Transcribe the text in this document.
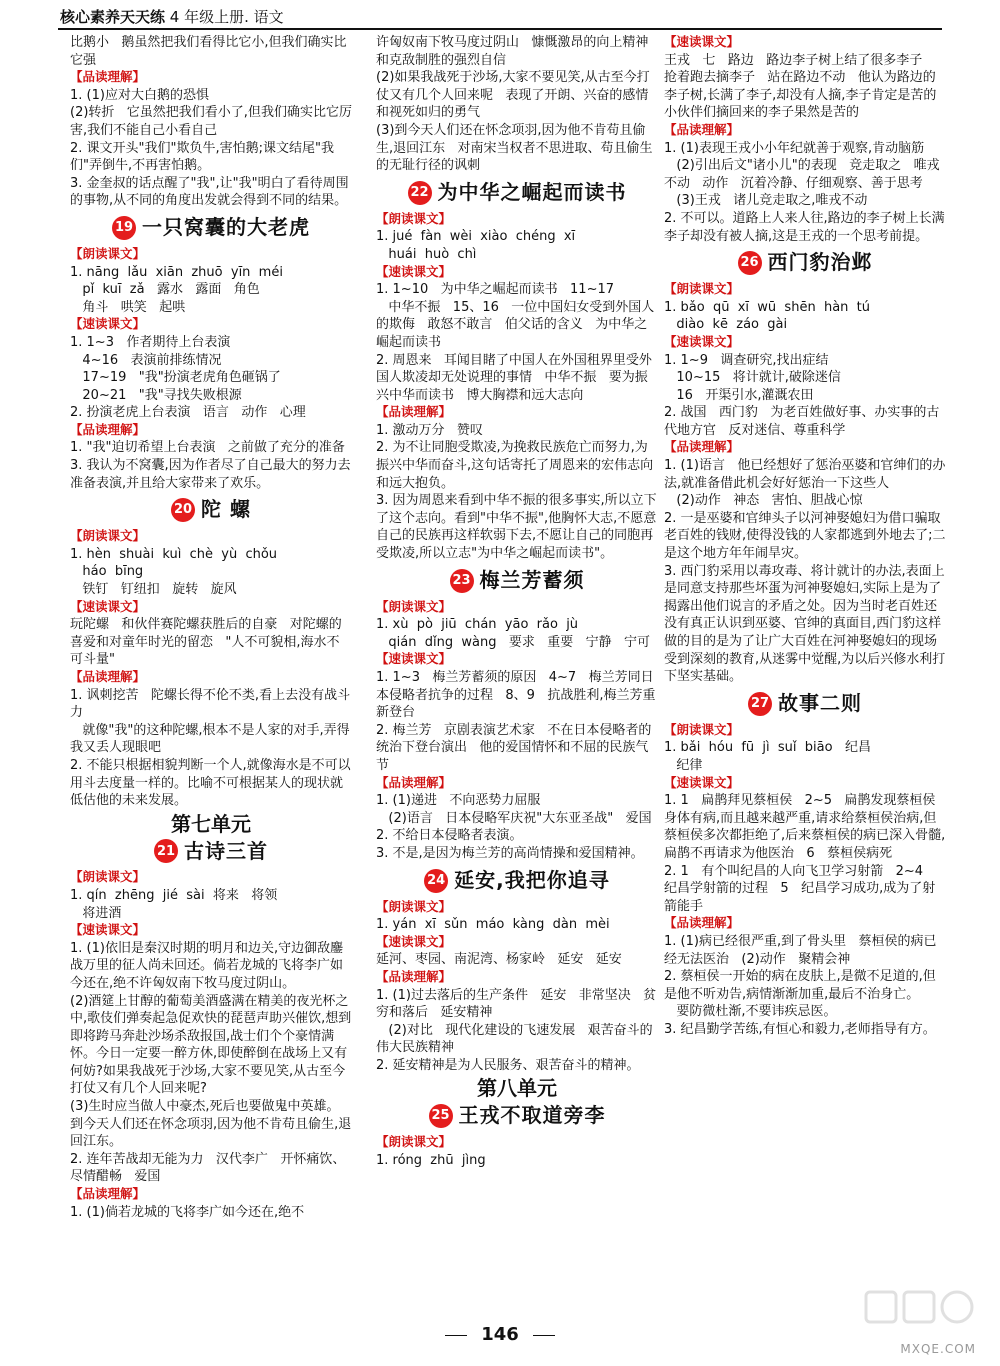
核心素养天天练 4 年级上册. 语文

比鹅小   鹅虽然把我们看得比它小,但我们确实比它强

【品读理解】

1. (1)应对大白鹅的恐惧
(2)转折   它虽然把我们看小了,但我们确实比它厉害,我们不能自己小看自己

2. 课文开头"我们"欺负牛,害怕鹅;课文结尾"我们"弄倒牛,不再害怕鹅。

3. 金奎叔的话点醒了"我",让"我"明白了看待周围的事物,从不同的角度出发就会得到不同的结果。

19 一只窝囊的大老虎
【朗读课文】

1. nāng  lǎu  xiān  zhuō  yīn  méi
pǐ  kuī  zǎ   露水   露面   角色
角斗   哄笑   起哄

【速读课文】

1. 1~3   作者期待上台表演
4~16   表演前排练情况
17~19   "我"扮演老虎角色砸锅了
20~21   "我"寻找失败根源

2. 扮演老虎上台表演   语言   动作   心理

【品读理解】

1. "我"迫切希望上台表演   之前做了充分的准备

3. 我认为不窝囊,因为作者尽了自己最大的努力去准备表演,并且给大家带来了欢乐。

20 陀 螺
【朗读课文】

1. hèn  shuài  kuì  chè  yù  chǒu
háo  bīng
铁钉   钉纽扣   旋转   旋风

【速读课文】

玩陀螺   和伙伴赛陀螺获胜后的自豪   对陀螺的喜爱和对童年时光的留恋   "人不可貌相,海水不可斗量"

【品读理解】

1. 讽刺挖苦   陀螺长得不伦不类,看上去没有战斗力
就像"我"的这种陀螺,根本不是人家的对手,弄得我又丢人现眼吧

2. 不能只根据相貌判断一个人,就像海水是不可以用斗去度量一样的。比喻不可根据某人的现状就低估他的未来发展。

第七单元
21 古诗三首
【朗读课文】

1. qín  zhēng  jié  sài  将来   将领
将进酒

【速读课文】

1. (1)依旧是秦汉时期的明月和边关,守边御敌鏖战万里的征人尚未回还。倘若龙城的飞将李广如今还在,绝不许匈奴南下牧马度过阴山。
(2)酒筵上甘醇的葡萄美酒盛满在精美的夜光杯之中,歌伎们弹奏起急促欢快的琵琶声助兴催饮,想到即将跨马奔赴沙场杀敌报国,战士们个个豪情满怀。今日一定要一醉方休,即使醉倒在战场上又有何妨?如果我战死于沙场,大家不要见笑,从古至今打仗又有几个人回来呢?
(3)生时应当做人中豪杰,死后也要做鬼中英雄。到今天人们还在怀念项羽,因为他不肯苟且偷生,退回江东。

2. 连年苦战却无能为力   汉代李广   开怀痛饮、尽情醋畅   爱国

【品读理解】

1. (1)倘若龙城的飞将李广如今还在,绝不

许匈奴南下牧马度过阴山   慷慨激昂的向上精神和克敌制胜的强烈自信
(2)如果我战死于沙场,大家不要见笑,从古至今打仗又有几个人回来呢   表现了开朗、兴奋的感情和视死如归的勇气
(3)到今天人们还在怀念项羽,因为他不肯苟且偷生,退回江东   对南宋当权者不思进取、苟且偷生的无耻行径的讽刺

22 为中华之崛起而读书
【朗读课文】

1. jué  fàn  wèi  xiào  chéng  xī
huái  huò  chì

【速读课文】

1. 1~10   为中华之崛起而读书   11~17
中华不振   15、16   一位中国妇女受到外国人的欺侮   敢怒不敢言   伯父话的含义   为中华之崛起而读书

2. 周恩来   耳闻目睹了中国人在外国租界里受外国人欺凌却无处说理的事情   中华不振   要为振兴中华而读书   博大胸襟和远大志向

【品读理解】

1. 激动万分   赞叹

2. 为不让同胞受欺凌,为挽救民族危亡而努力,为振兴中华而奋斗,这句话寄托了周恩来的宏伟志向和远大抱负。

3. 因为周恩来看到中华不振的很多事实,所以立下了这个志向。看到"中华不振",他胸怀大志,不愿意自己的民族再这样软弱下去,不愿让自己的同胞再受欺凌,所以立志"为中华之崛起而读书"。

23 梅兰芳蓄须
【朗读课文】

1. xù  pò  jiū  chán  yāo  rǎo  jù
qián  dǐng  wàng   要求   重要   宁静   宁可

【速读课文】

1. 1~3   梅兰芳蓄须的原因   4~7   梅兰芳同日本侵略者抗争的过程   8、9   抗战胜利,梅兰芳重新登台

2. 梅兰芳   京剧表演艺术家   不在日本侵略者的统治下登台演出   他的爱国情怀和不屈的民族气节

【品读理解】

1. (1)递进   不向恶势力屈服
(2)语言   日本侵略军庆祝"大东亚圣战"   爱国

2. 不给日本侵略者表演。

3. 不是,是因为梅兰芳的高尚情操和爱国精神。

24 延安,我把你追寻
【朗读课文】

1. yán  xī  sǔn  máo  kàng  dàn  mèi

【速读课文】

延河、枣园、南泥湾、杨家岭   延安   延安

【品读理解】

1. (1)过去落后的生产条件   延安   非常坚决   贫穷和落后   延安精神
(2)对比   现代化建设的飞速发展   艰苦奋斗的伟大民族精神

2. 延安精神是为人民服务、艰苦奋斗的精神。

第八单元
25 王戎不取道旁李
【朗读课文】

1. róng  zhū  jìng

【速读课文】

王戎   七   路边   路边李子树上结了很多李子   抢着跑去摘李子   站在路边不动   他认为路边的李子树,长满了李子,却没有人摘,李子肯定是苦的   小伙伴们摘回来的李子果然是苦的

【品读理解】

1. (1)表现王戎小小年纪就善于观察,肯动脑筋
(2)引出后文"诸小儿"的表现   竞走取之   唯戎不动   动作   沉着冷静、仔细观察、善于思考
(3)王戎   诸儿竞走取之,唯戎不动

2. 不可以。道路上人来人往,路边的李子树上长满李子却没有被人摘,这是王戎的一个思考前提。

26 西门豹治邺
【朗读课文】

1. bǎo  qū  xī  wū  shēn  hàn  tú
diào  kē  záo  gài

【速读课文】

1. 1~9   调查研究,找出症结
10~15   将计就计,破除迷信
16   开渠引水,灌溉农田

2. 战国   西门豹   为老百姓做好事、办实事的古代地方官   反对迷信、尊重科学

【品读理解】

1. (1)语言   他已经想好了惩治巫婆和官绅们的办法,就准备借此机会好好惩治一下这些人
(2)动作   神态   害怕、胆战心惊

2. 一是巫婆和官绅头子以河神娶媳妇为借口骗取老百姓的钱财,使得没钱的人家都逃到外地去了;二是这个地方年年闹旱灾。

3. 西门豹采用以毒攻毒、将计就计的办法,表面上是同意支持那些坏蛋为河神娶媳妇,实际上是为了揭露出他们说言的矛盾之处。因为当时老百姓还没有真正认识到巫婆、官绅的真面目,西门豹这样做的目的是为了让广大百姓在河神娶媳妇的现场受到深刻的教育,从迷雾中觉醒,为以后兴修水利打下坚实基础。

27 故事二则
【朗读课文】

1. bǎi  hóu  fū  jì  suǐ  biāo   纪昌
纪律

【速读课文】

1. 1   扁鹊拜见蔡桓侯   2~5   扁鹊发现蔡桓侯身体有病,而且越来越严重,请求给蔡桓侯治病,但蔡桓侯多次都拒绝了,后来蔡桓侯的病已深入骨髓,扁鹊不再请求为他医治   6   蔡桓侯病死

2. 1   有个叫纪昌的人向飞卫学习射箭   2~4   纪昌学射箭的过程   5   纪昌学习成功,成为了射箭能手

【品读理解】

1. (1)病已经很严重,到了骨头里   蔡桓侯的病已经无法医治   (2)动作   聚精会神

2. 蔡桓侯一开始的病在皮肤上,是微不足道的,但是他不听劝告,病情渐渐加重,最后不治身亡。
要防微杜渐,不要讳疾忌医。

3. 纪昌勤学苦练,有恒心和毅力,老师指导有方。

146
MXQE.COM
